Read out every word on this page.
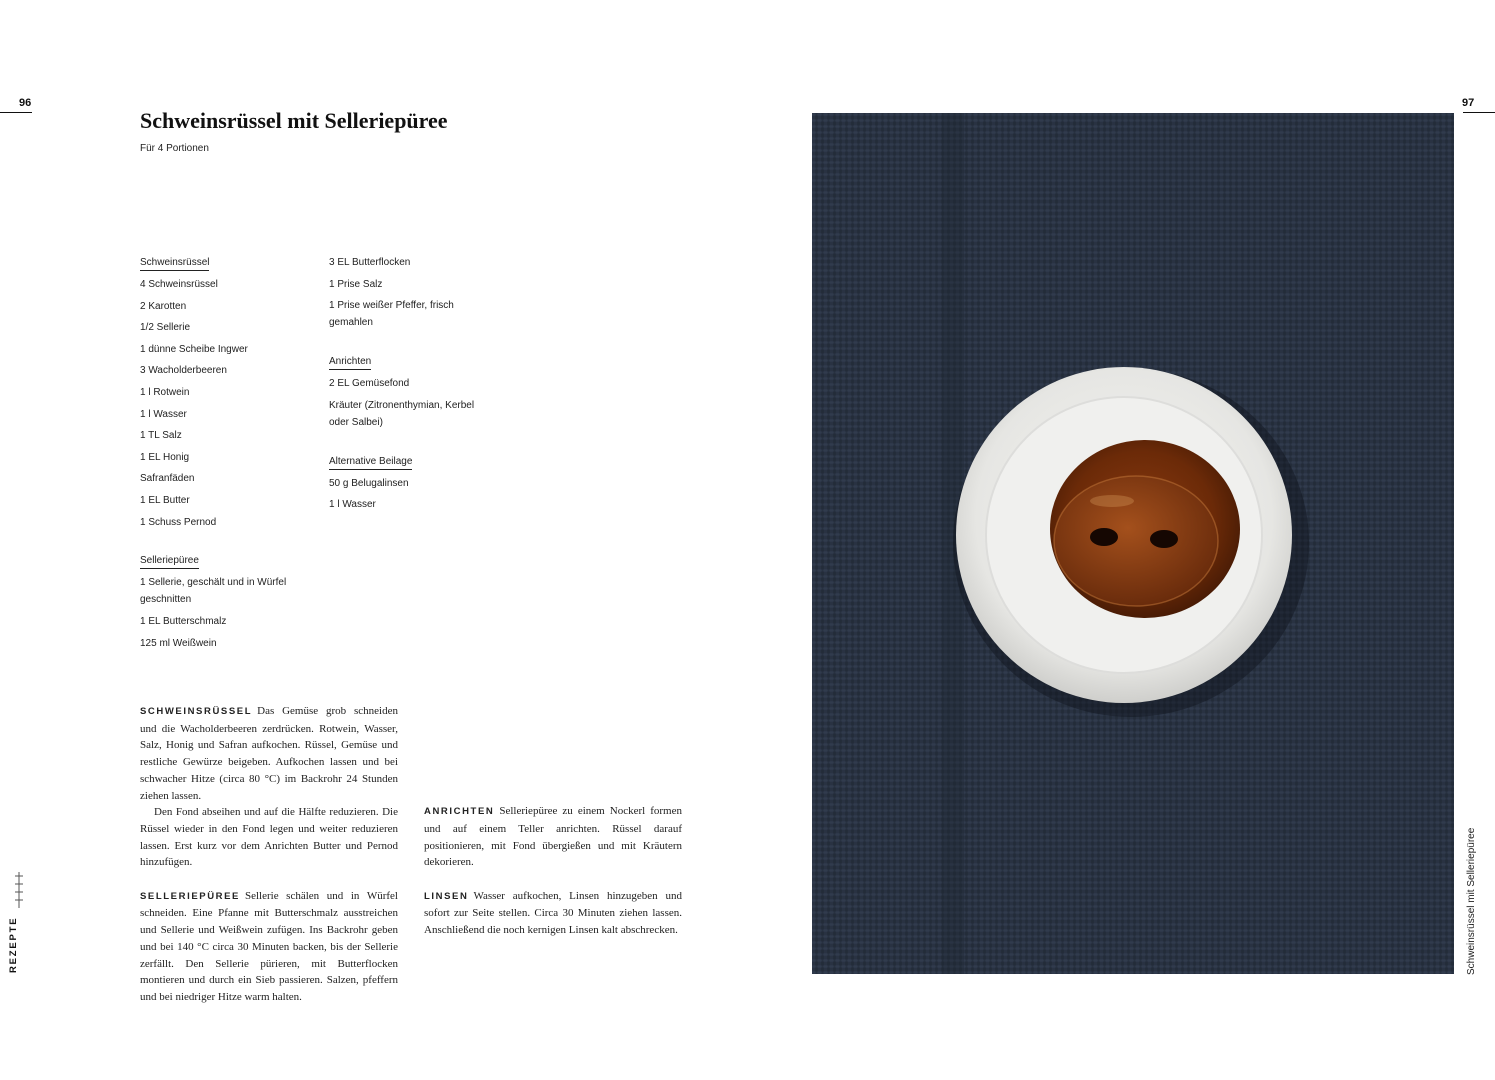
96	97
Schweinsrüssel mit Selleriepüree
Für 4 Portionen
Schweinsrüssel
4 Schweinsrüssel
2 Karotten
1/2 Sellerie
1 dünne Scheibe Ingwer
3 Wacholderbeeren
1 l Rotwein
1 l Wasser
1 TL Salz
1 EL Honig
Safranfäden
1 EL Butter
1 Schuss Pernod
Selleriepüree
1 Sellerie, geschält und in Würfel geschnitten
1 EL Butterschmalz
125 ml Weißwein
3 EL Butterflocken
1 Prise Salz
1 Prise weißer Pfeffer, frisch gemahlen
Anrichten
2 EL Gemüsefond
Kräuter (Zitronenthymian, Kerbel oder Salbei)
Alternative Beilage
50 g Belugalinsen
1 l Wasser

SCHWEINSRÜSSEL Das Gemüse grob schneiden und die Wacholderbeeren zerdrücken. Rotwein, Wasser, Salz, Honig und Safran aufkochen. Rüssel, Gemüse und restliche Gewürze beigeben. Aufkochen lassen und bei schwacher Hitze (circa 80 °C) im Backrohr 24 Stunden ziehen lassen.

Den Fond abseihen und auf die Hälfte reduzieren. Die Rüssel wieder in den Fond legen und weiter reduzieren lassen. Erst kurz vor dem Anrichten Butter und Pernod hinzufügen.

SELLERIEPÜREE Sellerie schälen und in Würfel schneiden. Eine Pfanne mit Butterschmalz ausstreichen und Sellerie und Weißwein zufügen. Ins Backrohr geben und bei 140 °C circa 30 Minuten backen, bis der Sellerie zerfällt. Den Sellerie pürieren, mit Butterflocken montieren und durch ein Sieb passieren. Salzen, pfeffern und bei niedriger Hitze warm halten.

ANRICHTEN Selleriepüree zu einem Nockerl formen und auf einem Teller anrichten. Rüssel darauf positionieren, mit Fond übergießen und mit Kräutern dekorieren.

LINSEN Wasser aufkochen, Linsen hinzugeben und sofort zur Seite stellen. Circa 30 Minuten ziehen lassen. Anschließend die noch kernigen Linsen kalt abschrecken.

REZEPTE	Schweinsrüssel mit Selleriepüree
